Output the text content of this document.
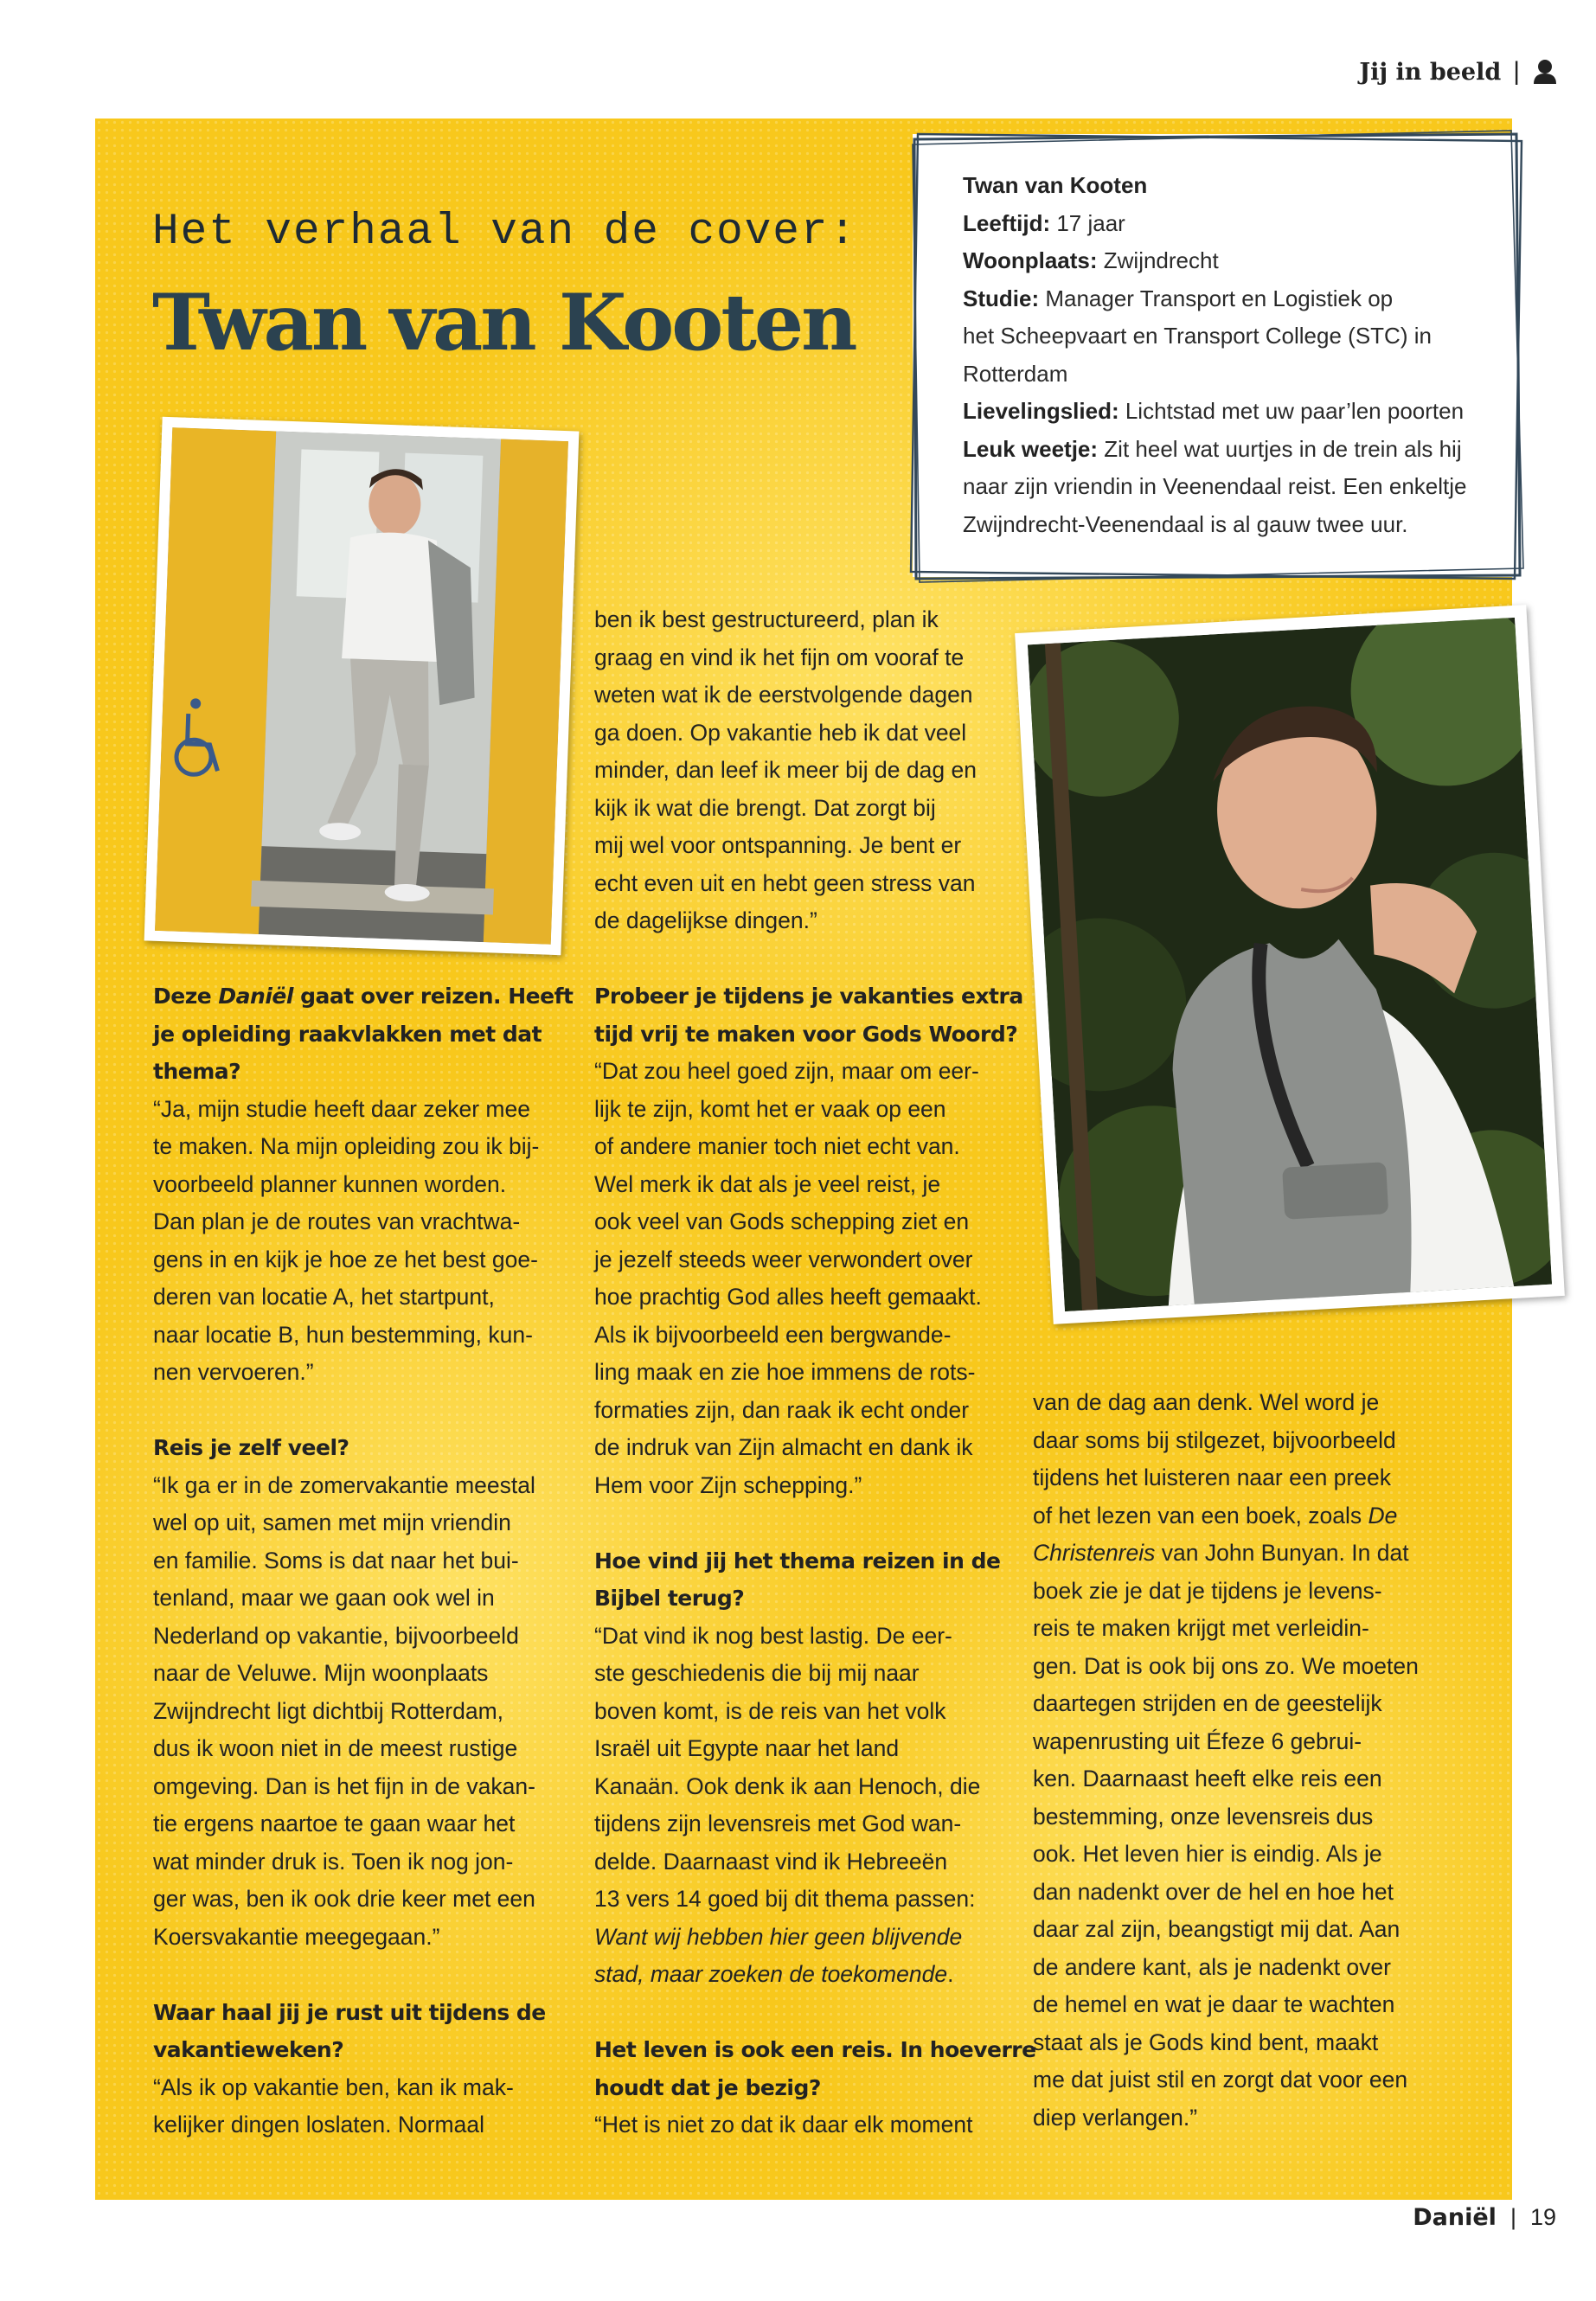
Jij in beeld |
Het verhaal van de cover:
Twan van Kooten
Twan van Kooten
Leeftijd: 17 jaar
Woonplaats: Zwijndrecht
Studie: Manager Transport en Logistiek op
het Scheepvaart en Transport College (STC) in
Rotterdam
Lievelingslied: Lichtstad met uw paar’len poorten
Leuk weetje: Zit heel wat uurtjes in de trein als hij
naar zijn vriendin in Veenendaal reist. Een enkeltje
Zwijndrecht-Veenendaal is al gauw twee uur.

Deze Daniël gaat over reizen. Heeft

je opleiding raakvlakken met dat

thema?

“Ja, mijn studie heeft daar zeker mee

te maken. Na mijn opleiding zou ik bij-

voorbeeld planner kunnen worden.

Dan plan je de routes van vrachtwa-

gens in en kijk je hoe ze het best goe-

deren van locatie A, het startpunt,

naar locatie B, hun bestemming, kun-

nen vervoeren.”

Reis je zelf veel?

“Ik ga er in de zomervakantie meestal

wel op uit, samen met mijn vriendin

en familie. Soms is dat naar het bui-

tenland, maar we gaan ook wel in

Nederland op vakantie, bijvoorbeeld

naar de Veluwe. Mijn woonplaats

Zwijndrecht ligt dichtbij Rotterdam,

dus ik woon niet in de meest rustige

omgeving. Dan is het fijn in de vakan-

tie ergens naartoe te gaan waar het

wat minder druk is. Toen ik nog jon-

ger was, ben ik ook drie keer met een

Koersvakantie meegegaan.”

Waar haal jij je rust uit tijdens de

vakantieweken?

“Als ik op vakantie ben, kan ik mak-

kelijker dingen loslaten. Normaal

ben ik best gestructureerd, plan ik

graag en vind ik het fijn om vooraf te

weten wat ik de eerstvolgende dagen

ga doen. Op vakantie heb ik dat veel

minder, dan leef ik meer bij de dag en

kijk ik wat die brengt. Dat zorgt bij

mij wel voor ontspanning. Je bent er

echt even uit en hebt geen stress van

de dagelijkse dingen.”

Probeer je tijdens je vakanties extra

tijd vrij te maken voor Gods Woord?

“Dat zou heel goed zijn, maar om eer-

lijk te zijn, komt het er vaak op een

of andere manier toch niet echt van.

Wel merk ik dat als je veel reist, je

ook veel van Gods schepping ziet en

je jezelf steeds weer verwondert over

hoe prachtig God alles heeft gemaakt.

Als ik bijvoorbeeld een bergwande-

ling maak en zie hoe immens de rots-

formaties zijn, dan raak ik echt onder

de indruk van Zijn almacht en dank ik

Hem voor Zijn schepping.”

Hoe vind jij het thema reizen in de

Bijbel terug?

“Dat vind ik nog best lastig. De eer-

ste geschiedenis die bij mij naar

boven komt, is de reis van het volk

Israël uit Egypte naar het land

Kanaän. Ook denk ik aan Henoch, die

tijdens zijn levensreis met God wan-

delde. Daarnaast vind ik Hebreeën

13 vers 14 goed bij dit thema passen:

Want wij hebben hier geen blijvende

stad, maar zoeken de toekomende.

Het leven is ook een reis. In hoeverre

houdt dat je bezig?

“Het is niet zo dat ik daar elk moment

van de dag aan denk. Wel word je

daar soms bij stilgezet, bijvoorbeeld

tijdens het luisteren naar een preek

of het lezen van een boek, zoals De

Christenreis van John Bunyan. In dat

boek zie je dat je tijdens je levens-

reis te maken krijgt met verleidin-

gen. Dat is ook bij ons zo. We moeten

daartegen strijden en de geestelijk

wapenrusting uit Éfeze 6 gebrui-

ken. Daarnaast heeft elke reis een

bestemming, onze levensreis dus

ook. Het leven hier is eindig. Als je

dan nadenkt over de hel en hoe het

daar zal zijn, beangstigt mij dat. Aan

de andere kant, als je nadenkt over

de hemel en wat je daar te wachten

staat als je Gods kind bent, maakt

me dat juist stil en zorgt dat voor een

diep verlangen.”

Daniël | 19
